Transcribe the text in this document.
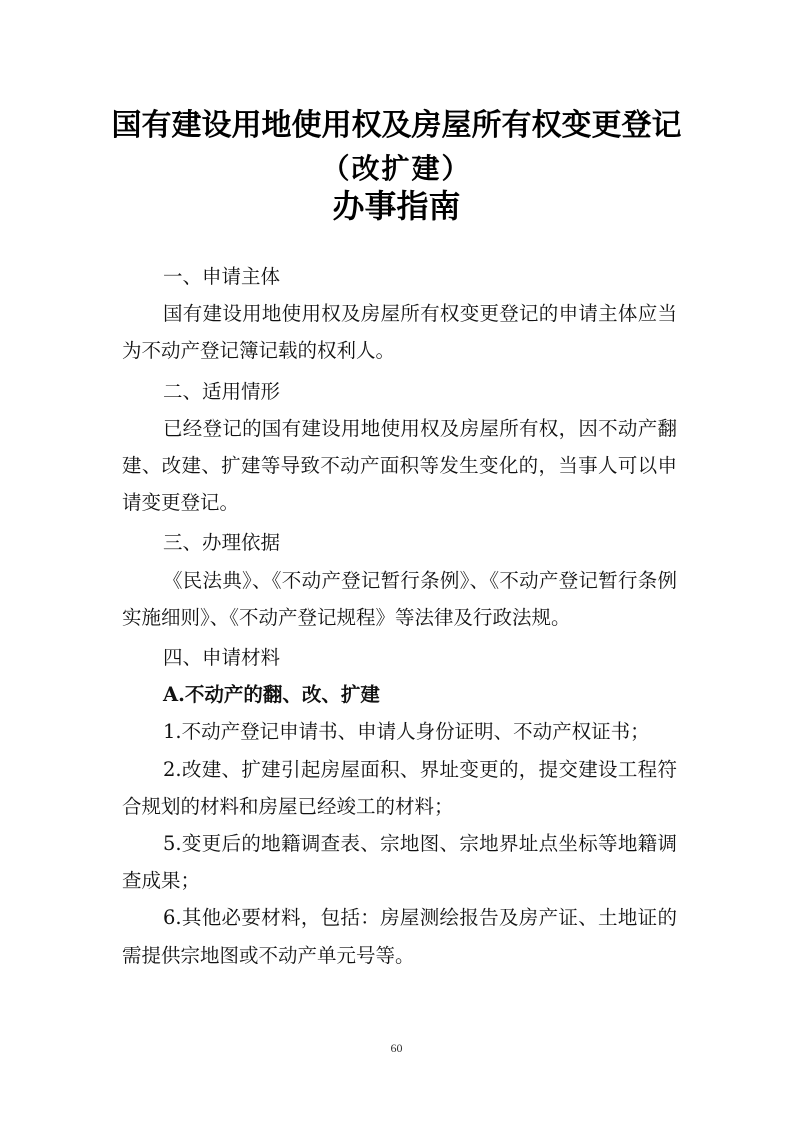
国有建设用地使用权及房屋所有权变更登记
（改扩建）
办事指南
一、申请主体

国有建设用地使用权及房屋所有权变更登记的申请主体应当为不动产登记簿记载的权利人。

二、适用情形

已经登记的国有建设用地使用权及房屋所有权，因不动产翻建、改建、扩建等导致不动产面积等发生变化的，当事人可以申请变更登记。

三、办理依据

《民法典》、《不动产登记暂行条例》、《不动产登记暂行条例实施细则》、《不动产登记规程》等法律及行政法规。

四、申请材料
A.不动产的翻、改、扩建

1.不动产登记申请书、申请人身份证明、不动产权证书；

2.改建、扩建引起房屋面积、界址变更的，提交建设工程符合规划的材料和房屋已经竣工的材料；

5.变更后的地籍调查表、宗地图、宗地界址点坐标等地籍调查成果；

6.其他必要材料，包括：房屋测绘报告及房产证、土地证的需提供宗地图或不动产单元号等。

60
